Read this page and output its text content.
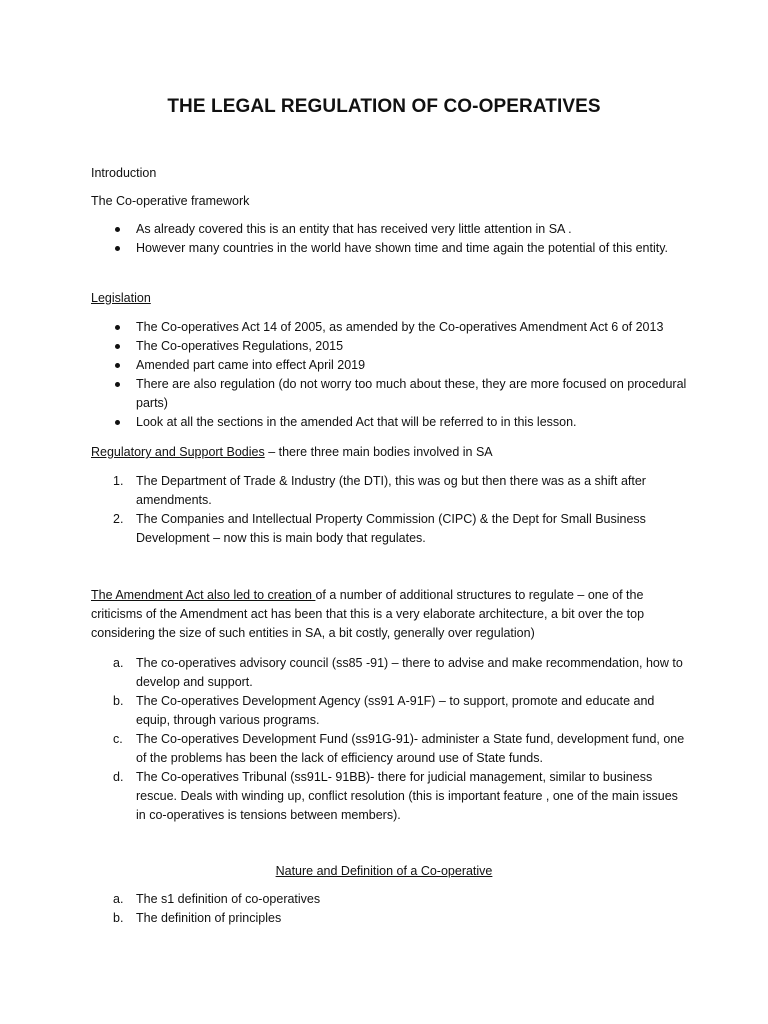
THE LEGAL REGULATION OF CO-OPERATIVES
Introduction
The Co-operative framework
As already covered this is an entity that has received very little attention in SA .
However many countries in the world have shown time and time again the potential of this entity.
Legislation
The Co-operatives Act 14 of 2005, as amended by the Co-operatives Amendment Act 6 of 2013
The Co-operatives Regulations, 2015
Amended part came into effect April 2019
There are also regulation (do not worry too much about these, they are more focused on procedural parts)
Look at all the sections in the amended Act that will be referred to in this lesson.
Regulatory and Support Bodies – there three main bodies involved in SA
1. The Department of Trade & Industry (the DTI), this was og but then there was as a shift after amendments.
2. The Companies and Intellectual Property Commission (CIPC) & the Dept for Small Business Development – now this is main body that regulates.
The Amendment Act also led to creation of a number of additional structures to regulate – one of the criticisms of the Amendment act has been that this is a very elaborate architecture, a bit over the top considering the size of such entities in SA, a bit costly, generally over regulation)
a. The co-operatives advisory council (ss85 -91) – there to advise and make recommendation, how to develop and support.
b. The Co-operatives Development Agency (ss91 A-91F) – to support, promote and educate and equip, through various programs.
c. The Co-operatives Development Fund (ss91G-91)- administer a State fund, development fund, one of the problems has been the lack of efficiency around use of State funds.
d. The Co-operatives Tribunal (ss91L- 91BB)- there for judicial management, similar to business rescue. Deals with winding up, conflict resolution (this is important feature , one of the main issues in co-operatives is tensions between members).
Nature and Definition of a Co-operative
a. The s1 definition of co-operatives
b. The definition of principles
